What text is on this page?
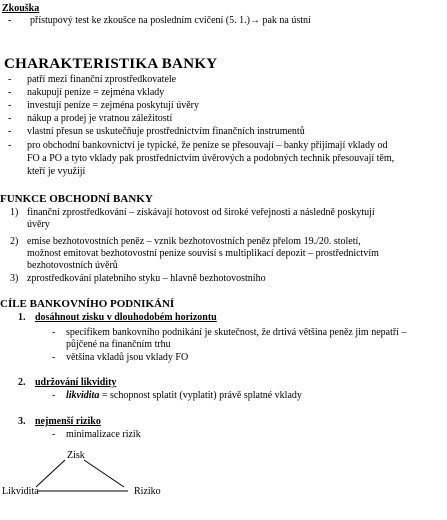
Zkouška
- přístupový test ke zkoušce na posledním cvičení (5. 1.)→ pak na ústní
CHARAKTERISTIKA BANKY
- patří mezi finanční zprostředkovatele
- nakupují peníze = zejména vklady
- investují peníze = zejména poskytují úvěry
- nákup a prodej je vratnou záležitostí
- vlastní přesun se uskutečňuje prostřednictvím finančních instrumentů
- pro obchodní bankovnictví je typické, že peníze se přesouvají – banky přijímají vklady od
FO a PO a tyto vklady pak prostřednictvím úvěrových a podobných technik přesouvají těm,
kteří je využijí
FUNKCE OBCHODNÍ BANKY
1) finanční zprostředkování – získávají hotovost od široké veřejnosti a následně poskytují
úvěry
2) emise bezhotovostních peněz – vznik bezhotovostních peněz přelom 19./20. století,
možnost emitovat bezhotovostní peníze souvisí s multiplikací depozit – prostřednictvím
bezhotovostních úvěrů
3) zprostředkování platebního styku – hlavně bezhotovostního
CÍLE BANKOVNÍHO PODNIKÁNÍ
1. dosáhnout zisku v dlouhodobém horizontu
- specifikem bankovního podnikání je skutečnost, že drtivá většina peněz jim nepatří –
půjčené na finančním trhu
- většina vkladů jsou vklady FO
2. udržování likvidity
- likvidita = schopnost splatit (vyplatit) právě splatné vklady
3. nejmenší riziko
- minimalizace rizik
Zisk
Likvidita	Riziko
